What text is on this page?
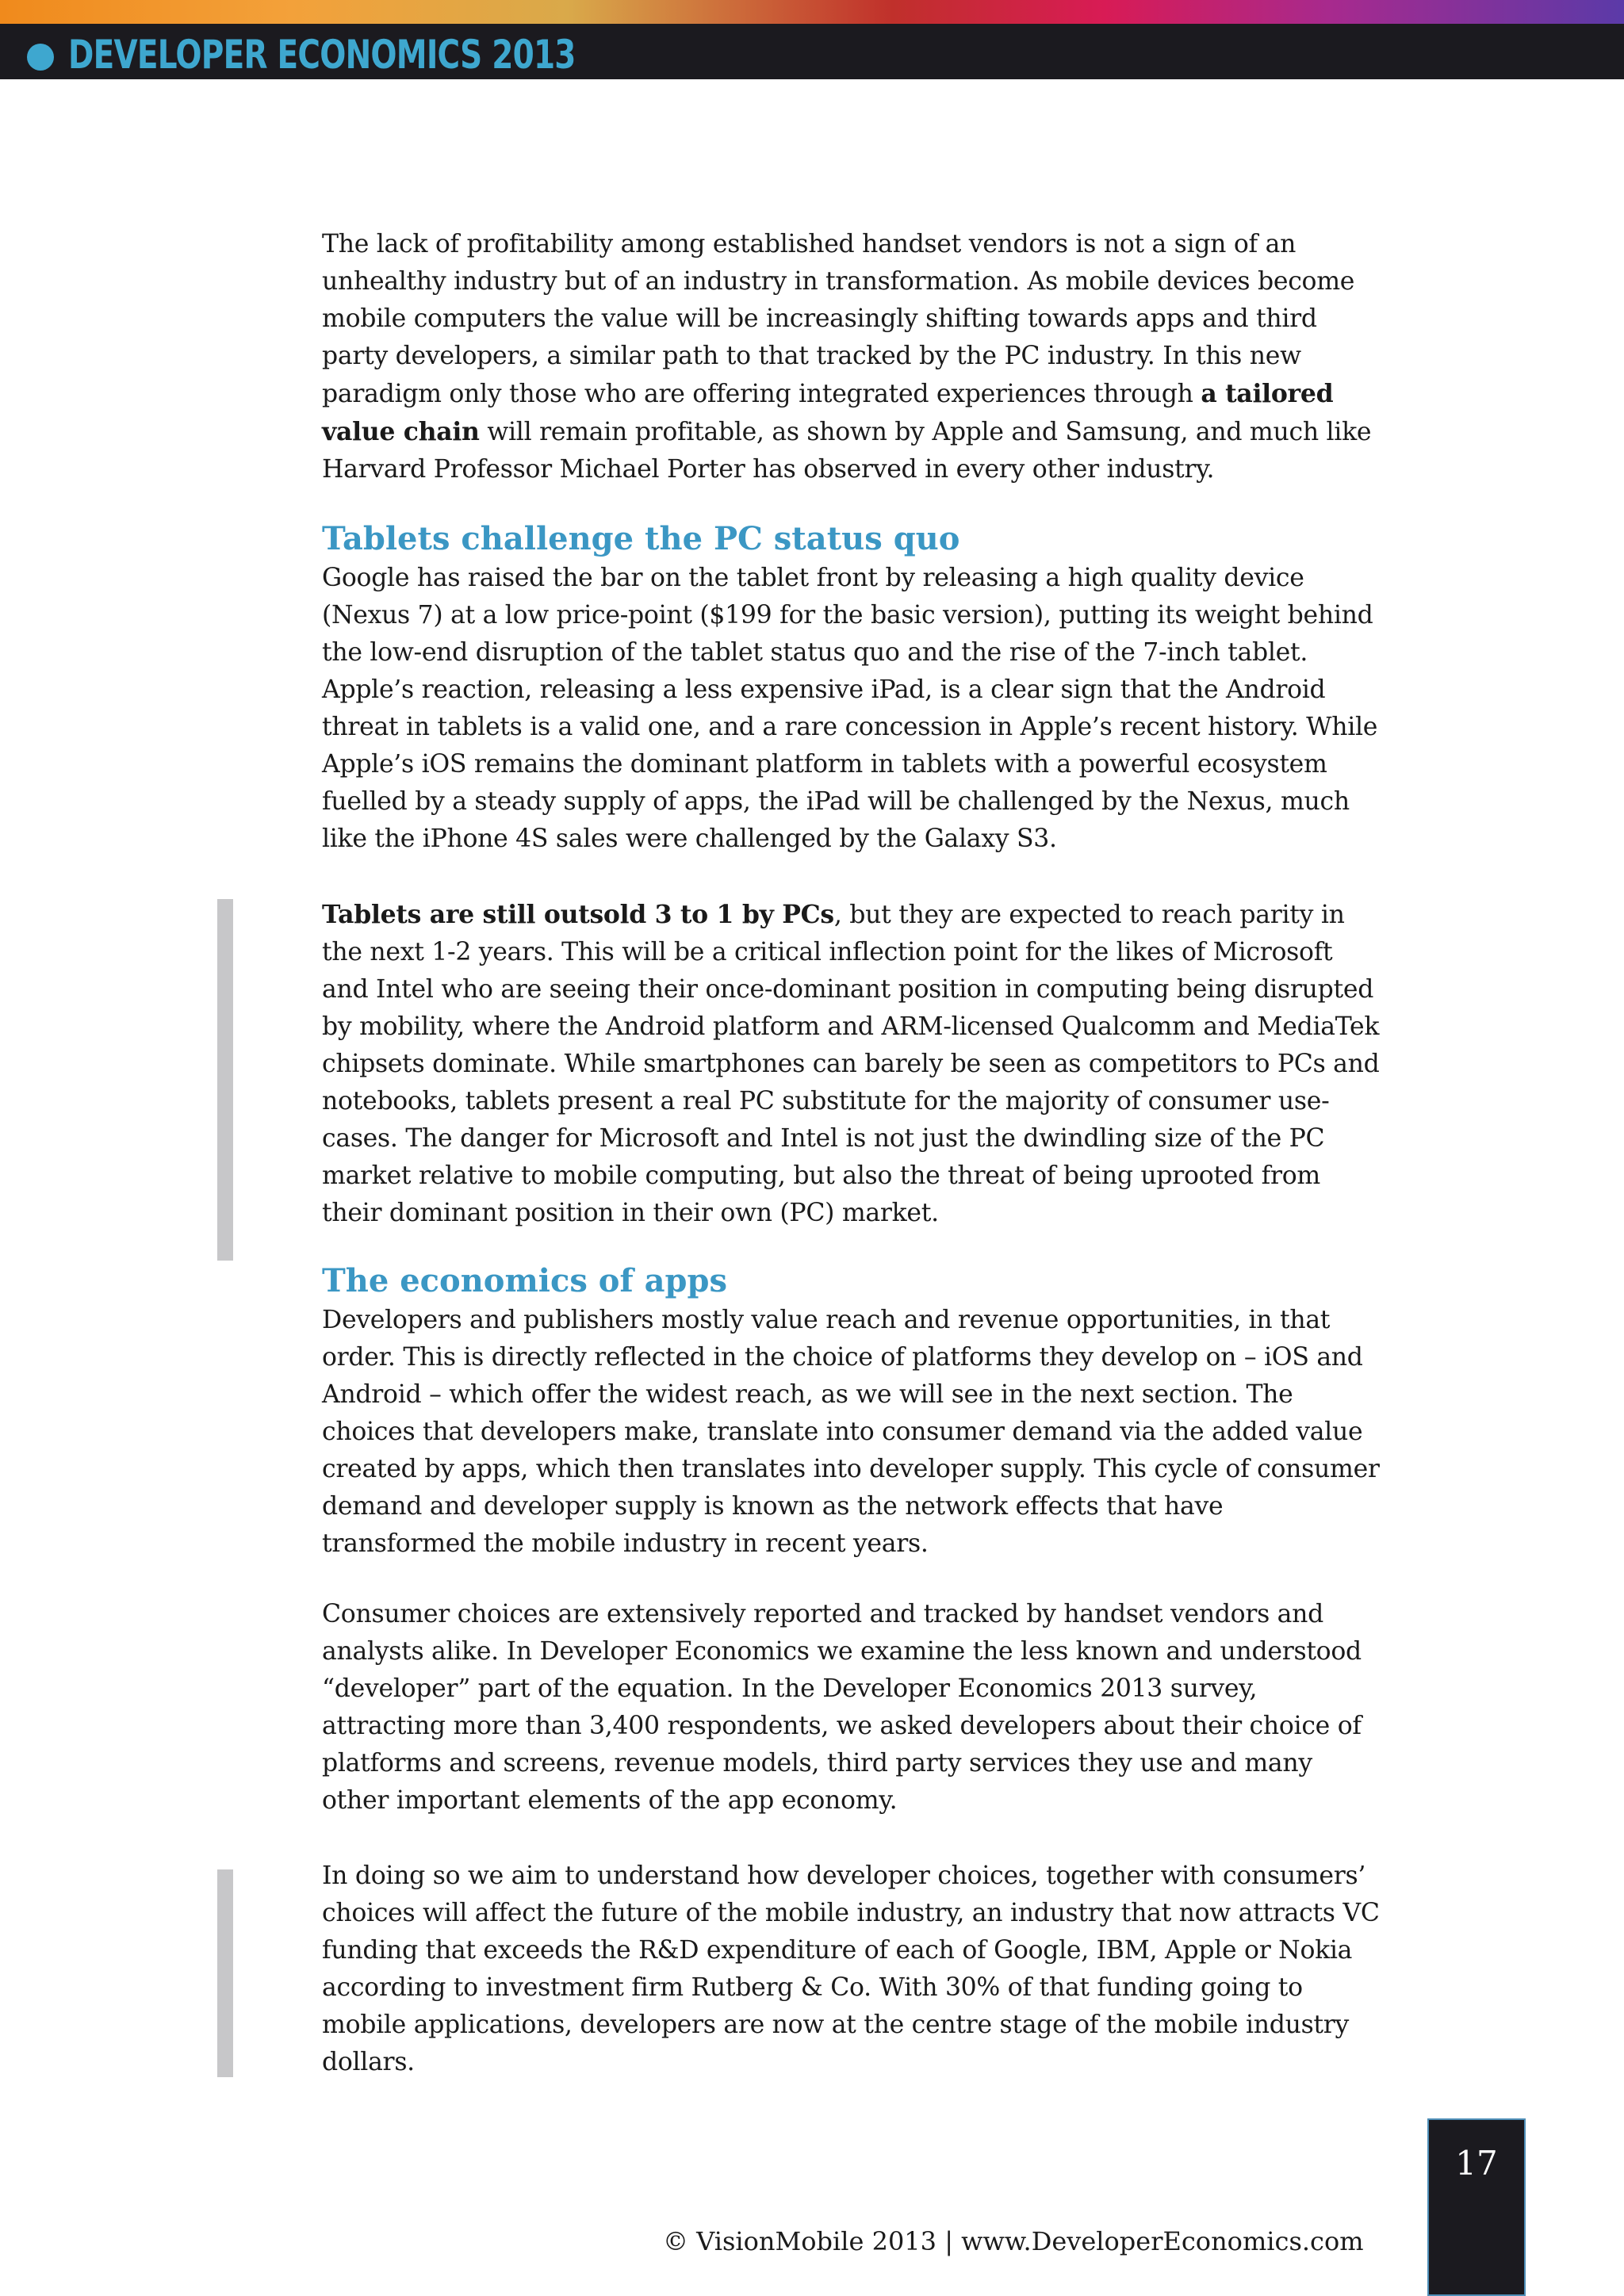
DEVELOPER ECONOMICS 2013

The lack of profitability among established handset vendors is not a sign of an unhealthy industry but of an industry in transformation. As mobile devices become mobile computers the value will be increasingly shifting towards apps and third party developers, a similar path to that tracked by the PC industry. In this new paradigm only those who are offering integrated experiences through a tailored value chain will remain profitable, as shown by Apple and Samsung, and much like Harvard Professor Michael Porter has observed in every other industry.

Tablets challenge the PC status quo

Google has raised the bar on the tablet front by releasing a high quality device (Nexus 7) at a low price-point ($199 for the basic version), putting its weight behind the low-end disruption of the tablet status quo and the rise of the 7-inch tablet. Apple’s reaction, releasing a less expensive iPad, is a clear sign that the Android threat in tablets is a valid one, and a rare concession in Apple’s recent history. While Apple’s iOS remains the dominant platform in tablets with a powerful ecosystem fuelled by a steady supply of apps, the iPad will be challenged by the Nexus, much like the iPhone 4S sales were challenged by the Galaxy S3.

Tablets are still outsold 3 to 1 by PCs, but they are expected to reach parity in the next 1-2 years. This will be a critical inflection point for the likes of Microsoft and Intel who are seeing their once-dominant position in computing being disrupted by mobility, where the Android platform and ARM-licensed Qualcomm and MediaTek chipsets dominate. While smartphones can barely be seen as competitors to PCs and notebooks, tablets present a real PC substitute for the majority of consumer use-cases. The danger for Microsoft and Intel is not just the dwindling size of the PC market relative to mobile computing, but also the threat of being uprooted from their dominant position in their own (PC) market.

The economics of apps

Developers and publishers mostly value reach and revenue opportunities, in that order. This is directly reflected in the choice of platforms they develop on – iOS and Android – which offer the widest reach, as we will see in the next section. The choices that developers make, translate into consumer demand via the added value created by apps, which then translates into developer supply. This cycle of consumer demand and developer supply is known as the network effects that have transformed the mobile industry in recent years.

Consumer choices are extensively reported and tracked by handset vendors and analysts alike. In Developer Economics we examine the less known and understood “developer” part of the equation. In the Developer Economics 2013 survey, attracting more than 3,400 respondents, we asked developers about their choice of platforms and screens, revenue models, third party services they use and many other important elements of the app economy.

In doing so we aim to understand how developer choices, together with consumers’ choices will affect the future of the mobile industry, an industry that now attracts VC funding that exceeds the R&D expenditure of each of Google, IBM, Apple or Nokia according to investment firm Rutberg & Co. With 30% of that funding going to mobile applications, developers are now at the centre stage of the mobile industry dollars.

17
© VisionMobile 2013 | www.DeveloperEconomics.com
